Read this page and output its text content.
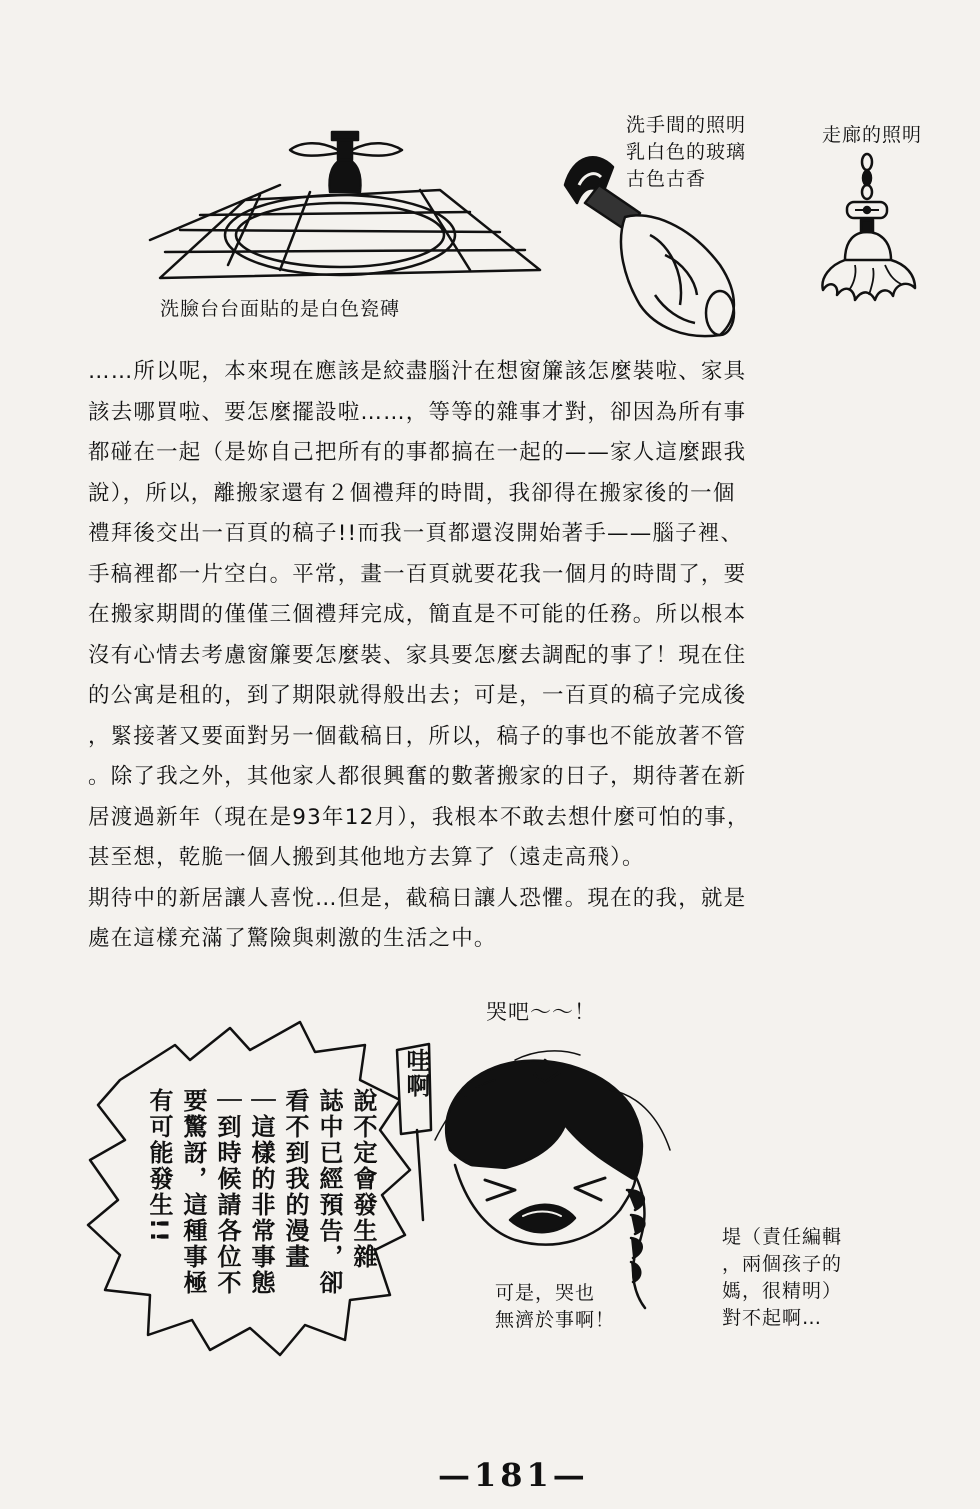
洗臉台台面貼的是白色瓷磚
洗手間的照明
乳白色的玻璃
古色古香
走廊的照明

……所以呢，本來現在應該是絞盡腦汁在想窗簾該怎麼裝啦、家具

該去哪買啦、要怎麼擺設啦……，等等的雜事才對，卻因為所有事

都碰在一起（是妳自己把所有的事都搞在一起的——家人這麼跟我

說），所以，離搬家還有２個禮拜的時間，我卻得在搬家後的一個

禮拜後交出一百頁的稿子!!而我一頁都還沒開始著手——腦子裡、

手稿裡都一片空白。平常，畫一百頁就要花我一個月的時間了，要

在搬家期間的僅僅三個禮拜完成，簡直是不可能的任務。所以根本

沒有心情去考慮窗簾要怎麼裝、家具要怎麼去調配的事了！現在住

的公寓是租的，到了期限就得般出去；可是，一百頁的稿子完成後

，緊接著又要面對另一個截稿日，所以，稿子的事也不能放著不管

。除了我之外，其他家人都很興奮的數著搬家的日子，期待著在新

居渡過新年（現在是93年12月），我根本不敢去想什麼可怕的事，

甚至想，乾脆一個人搬到其他地方去算了（遠走高飛）。

期待中的新居讓人喜悅…但是，截稿日讓人恐懼。現在的我，就是

處在這樣充滿了驚險與刺激的生活之中。

說不定會發生雜
誌中已經預告，卻
看不到我的漫畫
｜這樣的非常事態
｜到時候請各位不
要驚訝，這種事極
有可能發生!!
哇啊
哭吧～～！
可是，哭也
無濟於事啊！
堤（責任編輯
，兩個孩子的
媽，很精明）
對不起啊…
—181—
